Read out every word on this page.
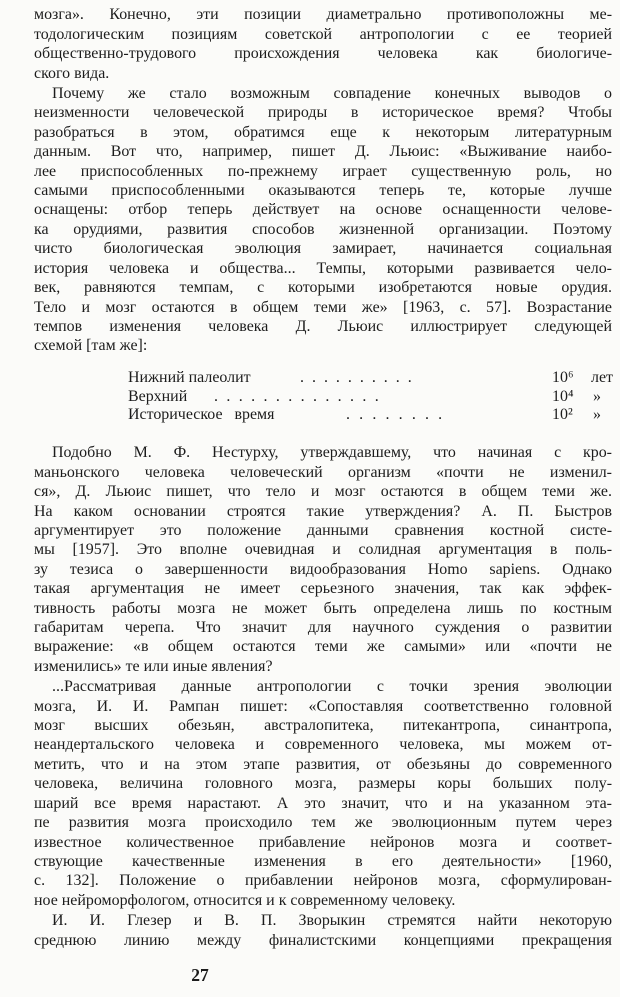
мозга». Конечно, эти позиции диаметрально противоположны ме-
тодологическим позициям советской антропологии с ее теорией
общественно-трудового происхождения человека как биологиче-
ского вида.
Почему же стало возможным совпадение конечных выводов о
неизменности человеческой природы в историческое время? Чтобы
разобраться в этом, обратимся еще к некоторым литературным
данным. Вот что, например, пишет Д. Льюис: «Выживание наибо-
лее приспособленных по-прежнему играет существенную роль, но
самыми приспособленными оказываются теперь те, которые лучше
оснащены: отбор теперь действует на основе оснащенности челове-
ка орудиями, развития способов жизненной организации. Поэтому
чисто биологическая эволюция замирает, начинается социальная
история человека и общества... Темпы, которыми развивается чело-
век, равняются темпам, с которыми изобретаются новые орудия.
Тело и мозг остаются в общем теми же» [1963, с. 57]. Возрастание
темпов изменения человека Д. Льюис иллюстрирует следующей
схемой [там же]:
Нижний палеолит	. . . . . . . . . .	10⁶ лет
Верхний . . . . . . . . . . . . . .	10⁴ »
Историческое   время	. . . . . . . .	10² »
Подобно М. Ф. Нестурху, утверждавшему, что начиная с кро-
маньонского человека человеческий организм «почти не изменил-
ся», Д. Льюис пишет, что тело и мозг остаются в общем теми же.
На каком основании строятся такие утверждения? А. П. Быстров
аргументирует это положение данными сравнения костной систе-
мы [1957]. Это вполне очевидная и солидная аргументация в поль-
зу тезиса о завершенности видообразования Homo sapiens. Однако
такая аргументация не имеет серьезного значения, так как эффек-
тивность работы мозга не может быть определена лишь по костным
габаритам черепа. Что значит для научного суждения о развитии
выражение: «в общем остаются теми же самыми» или «почти не
изменились» те или иные явления?
...Рассматривая данные антропологии с точки зрения эволюции
мозга, И. И. Рампан пишет: «Сопоставляя соответственно головной
мозг высших обезьян, австралопитека, питекантропа, синантропа,
неандертальского человека и современного человека, мы можем от-
метить, что и на этом этапе развития, от обезьяны до современного
человека, величина головного мозга, размеры коры больших полу-
шарий все время нарастают. А это значит, что и на указанном эта-
пе развития мозга происходило тем же эволюционным путем через
известное количественное прибавление нейронов мозга и соответ-
ствующие качественные изменения в его деятельности» [1960,
с. 132]. Положение о прибавлении нейронов мозга, сформулирован-
ное нейроморфологом, относится и к современному человеку.
И. И. Глезер и В. П. Зворыкин стремятся найти некоторую
среднюю линию между финалистскими концепциями прекращения
27
